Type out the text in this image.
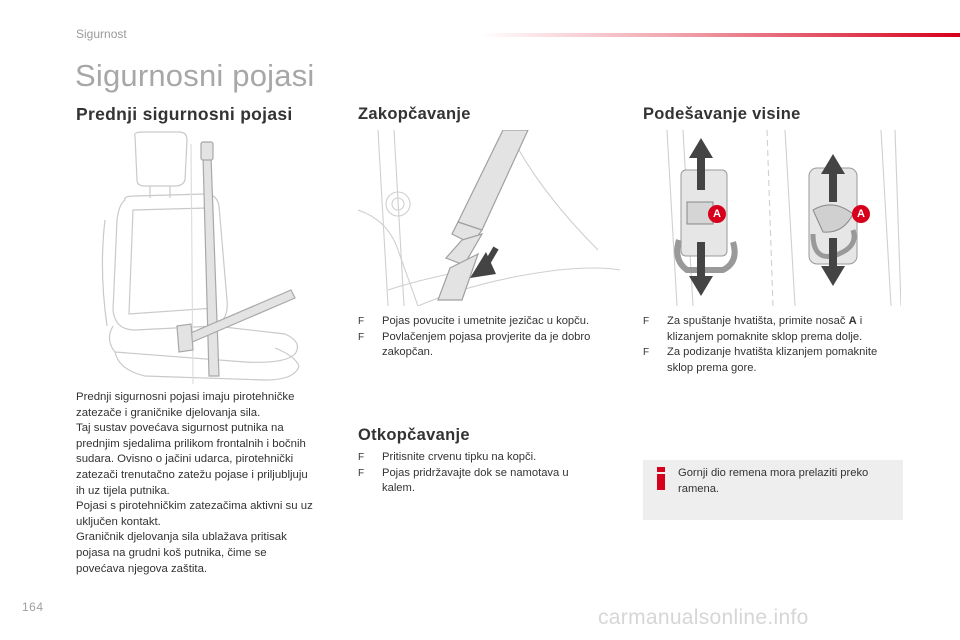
Sigurnost
Sigurnosni pojasi
Prednji sigurnosni pojasi	Zakopčavanje	Podešavanje visine
A	A
Prednji sigurnosni pojasi imaju pirotehničke
zatezače i graničnike djelovanja sila.
Taj sustav povećava sigurnost putnika na
prednjim sjedalima prilikom frontalnih i bočnih
sudara. Ovisno o jačini udarca, pirotehnički
zatezači trenutačno zatežu pojase i priljubljuju
ih uz tijela putnika.
Pojasi s pirotehničkim zatezačima aktivni su uz
uključen kontakt.
Graničnik djelovanja sila ublažava pritisak
pojasa na grudni koš putnika, čime se
povećava njegova zaštita.
F Pojas povucite i umetnite jezičac u kopču.
F Povlačenjem pojasa provjerite da je dobro
zakopčan.
Otkopčavanje
F Pritisnite crvenu tipku na kopči.
F Pojas pridržavajte dok se namotava u
kalem.
F Za spuštanje hvatišta, primite nosač A i
klizanjem pomaknite sklop prema dolje.
F Za podizanje hvatišta klizanjem pomaknite
sklop prema gore.
Gornji dio remena mora prelaziti preko
ramena.
164	carmanualsonline.info
